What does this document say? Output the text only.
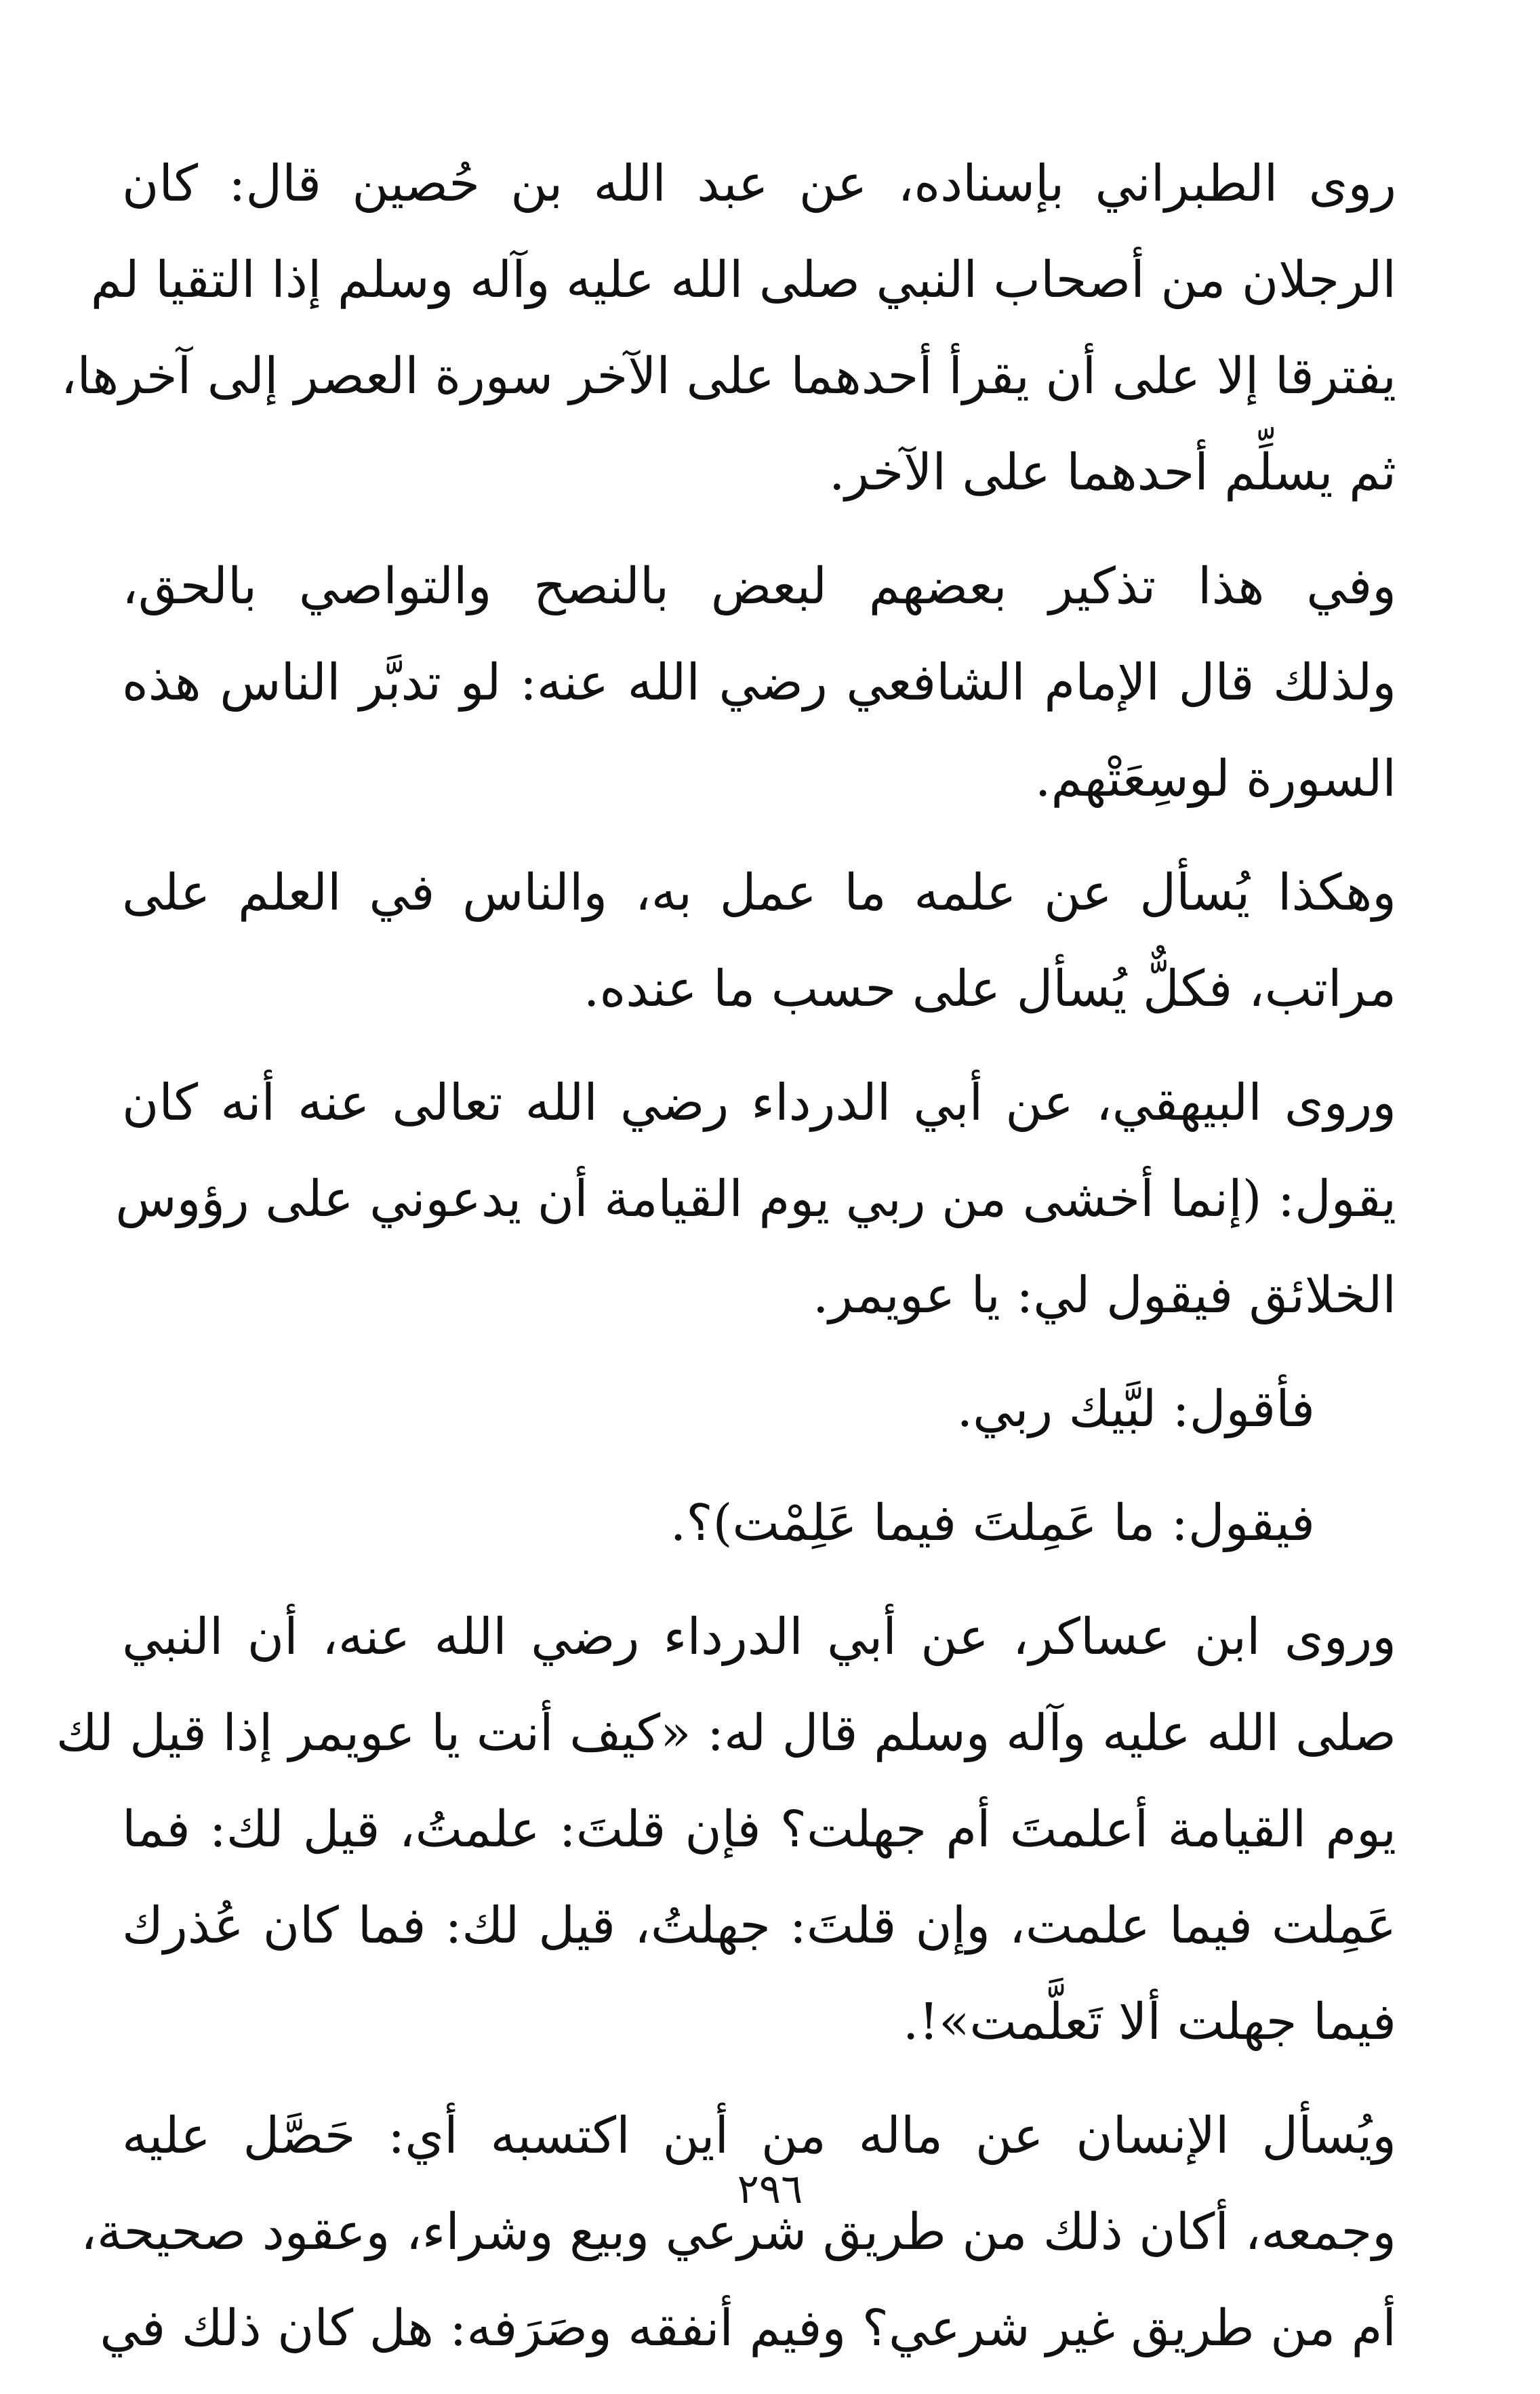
روى الطبراني بإسناده، عن عبد الله بن حُصين قال: كان
الرجلان من أصحاب النبي صلى الله عليه وآله وسلم إذا التقيا لم
يفترقا إلا على أن يقرأ أحدهما على الآخر سورة العصر إلى آخرها،
ثم يسلِّم أحدهما على الآخر.

وفي هذا تذكير بعضهم لبعض بالنصح والتواصي بالحق،
ولذلك قال الإمام الشافعي رضي الله عنه: لو تدبَّر الناس هذه
السورة لوسِعَتْهم.

وهكذا يُسأل عن علمه ما عمل به، والناس في العلم على
مراتب، فكلٌّ يُسأل على حسب ما عنده.

وروى البيهقي، عن أبي الدرداء رضي الله تعالى عنه أنه كان
يقول: (إنما أخشى من ربي يوم القيامة أن يدعوني على رؤوس
الخلائق فيقول لي: يا عويمر.

فأقول: لبَّيك ربي.

فيقول: ما عَمِلتَ فيما عَلِمْت)؟.

وروى ابن عساكر، عن أبي الدرداء رضي الله عنه، أن النبي
صلى الله عليه وآله وسلم قال له: «كيف أنت يا عويمر إذا قيل لك
يوم القيامة أعلمتَ أم جهلت؟ فإن قلتَ: علمتُ، قيل لك: فما
عَمِلت فيما علمت، وإن قلتَ: جهلتُ، قيل لك: فما كان عُذرك
فيما جهلت ألا تَعلَّمت»!.

ويُسأل الإنسان عن ماله من أين اكتسبه أي: حَصَّل عليه
وجمعه، أكان ذلك من طريق شرعي وبيع وشراء، وعقود صحيحة،
أم من طريق غير شرعي؟ وفيم أنفقه وصَرَفه: هل كان ذلك في

٢٩٦
